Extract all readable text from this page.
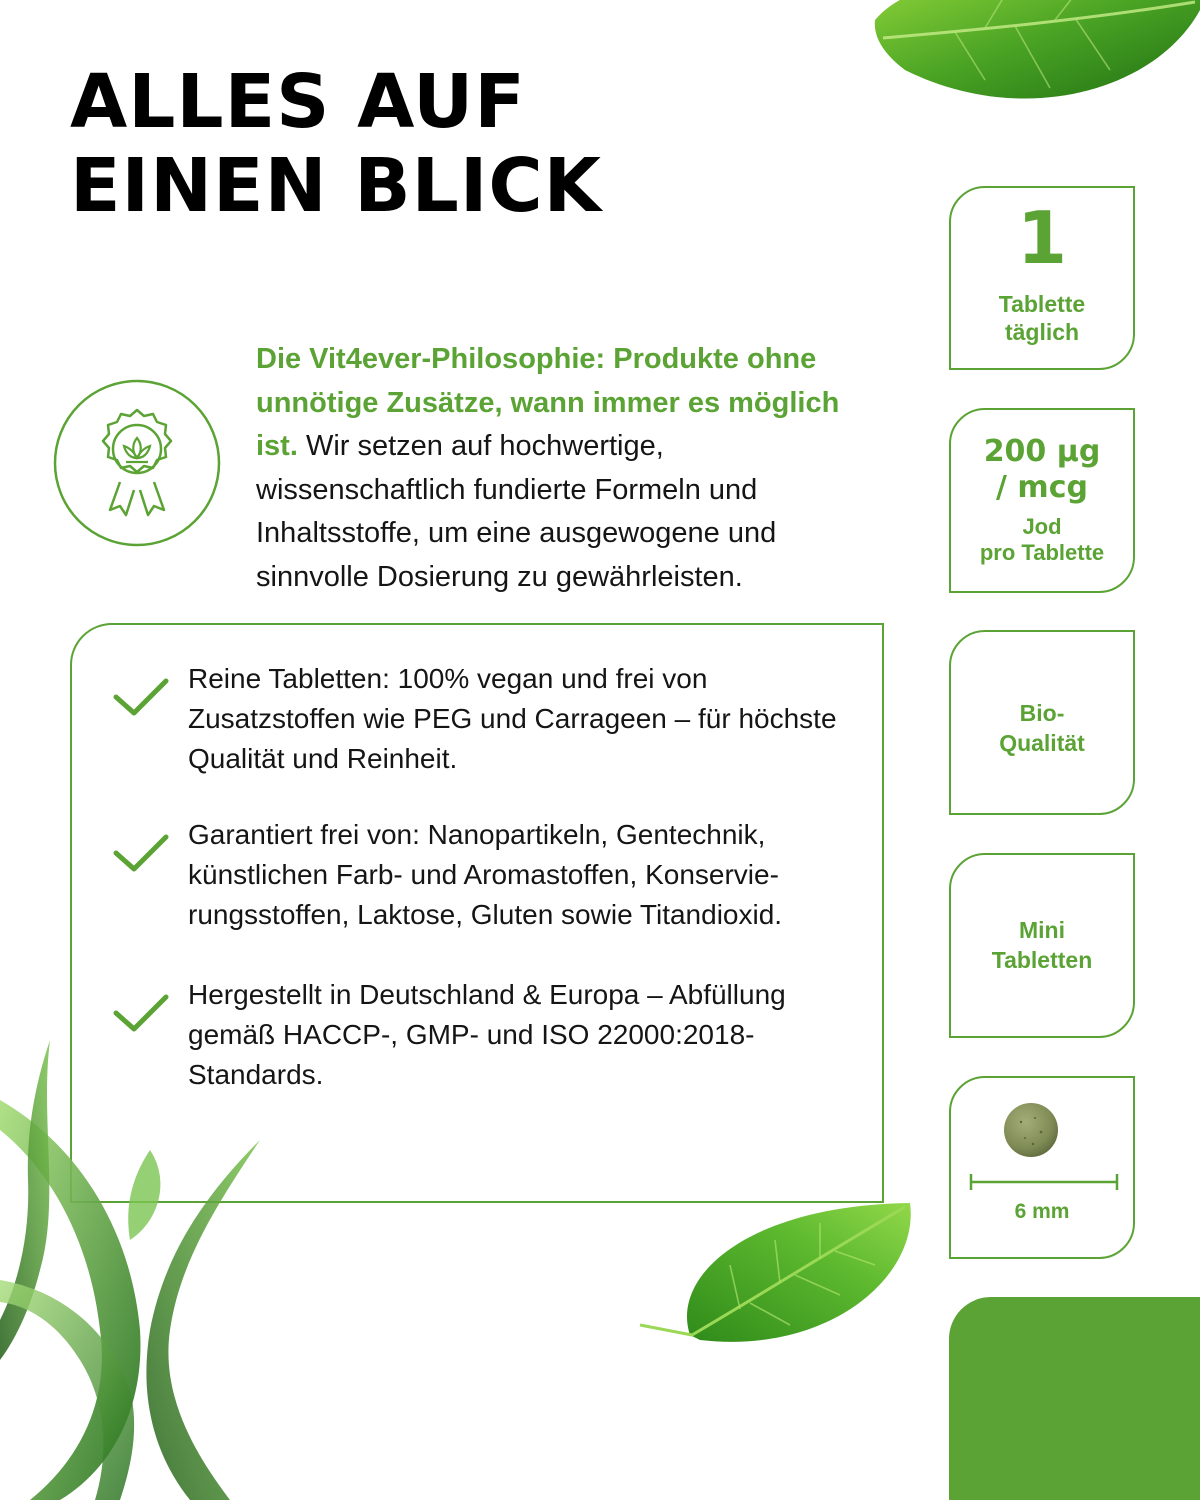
ALLES AUF
EINEN BLICK

Die Vit4ever-Philosophie: Produkte ohne unnötige Zusätze, wann immer es möglich ist. Wir setzen auf hochwertige, wissenschaftlich fundierte Formeln und Inhaltsstoffe, um eine ausgewogene und sinnvolle Dosierung zu gewährleisten.

Reine Tabletten: 100% vegan und frei von Zusatzstoffen wie PEG und Carrageen – für höchste Qualität und Reinheit.

Garantiert frei von: Nanopartikeln, Gentechnik, künstlichen Farb- und Aromastoffen, Konservie-rungsstoffen, Laktose, Gluten sowie Titandioxid.

Hergestellt in Deutschland & Europa – Abfüllung gemäß HACCP-, GMP- und ISO 22000:2018-Standards.

1
Tablette
täglich
200 µg
/ mcg
Jod
pro Tablette
Bio-
Qualität
Mini
Tabletten
6 mm
